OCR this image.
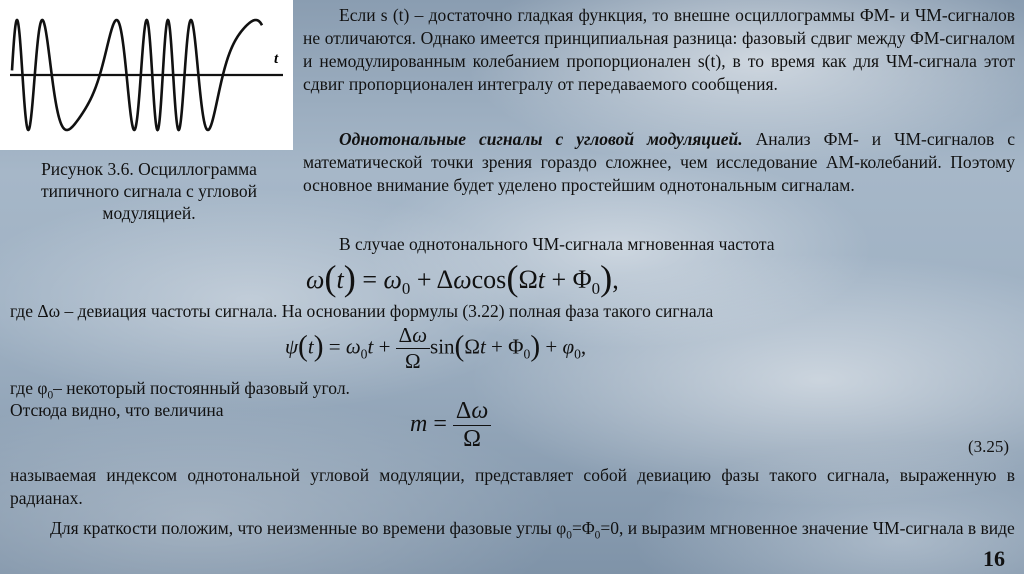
t
Рисунок 3.6. Осциллограмма типичного сигнала с угловой модуляцией.
Если s (t) – достаточно гладкая функция, то внешне осциллограммы ФМ- и ЧМ-сигналов не отличаются. Однако имеется принципиальная разница: фазовый сдвиг между ФМ-сигналом и немодулированным колебанием пропорционален s(t), в то время как для ЧМ-сигнала этот сдвиг пропорционален интегралу от передаваемого сообщения.
Однотональные сигналы с угловой модуляцией. Анализ ФМ- и ЧМ-сигналов с математической точки зрения гораздо сложнее, чем исследование АМ-колебаний. Поэтому основное внимание будет уделено простейшим однотональным сигналам.
В случае однотонального ЧМ-сигнала мгновенная частота
$\omega(t) = \omega_0 + \Delta\omega\cos(\Omega t + \Phi_0)$,
где Δω – девиация частоты сигнала. На основании формулы (3.22) полная фаза такого сигнала
$\psi(t) = \omega_0t + \frac{\Delta\omega}{\Omega} \sin(\Omega t + \Phi_0) + \varphi_0$,
где $\varphi_0-$ некоторый постоянный фазовый угол.
Отсюда видно, что величина
$m = \frac{\Delta\omega}{\Omega}$	(3.25)
называемая индексом однотональной угловой модуляции, представляет собой девиацию фазы такого сигнала, выраженную в радианах.
Для краткости положим, что неизменные во времени фазовые углы $\varphi_0=\Phi_0=0$, и выразим мгновенное значение ЧМ-сигнала в виде
16
